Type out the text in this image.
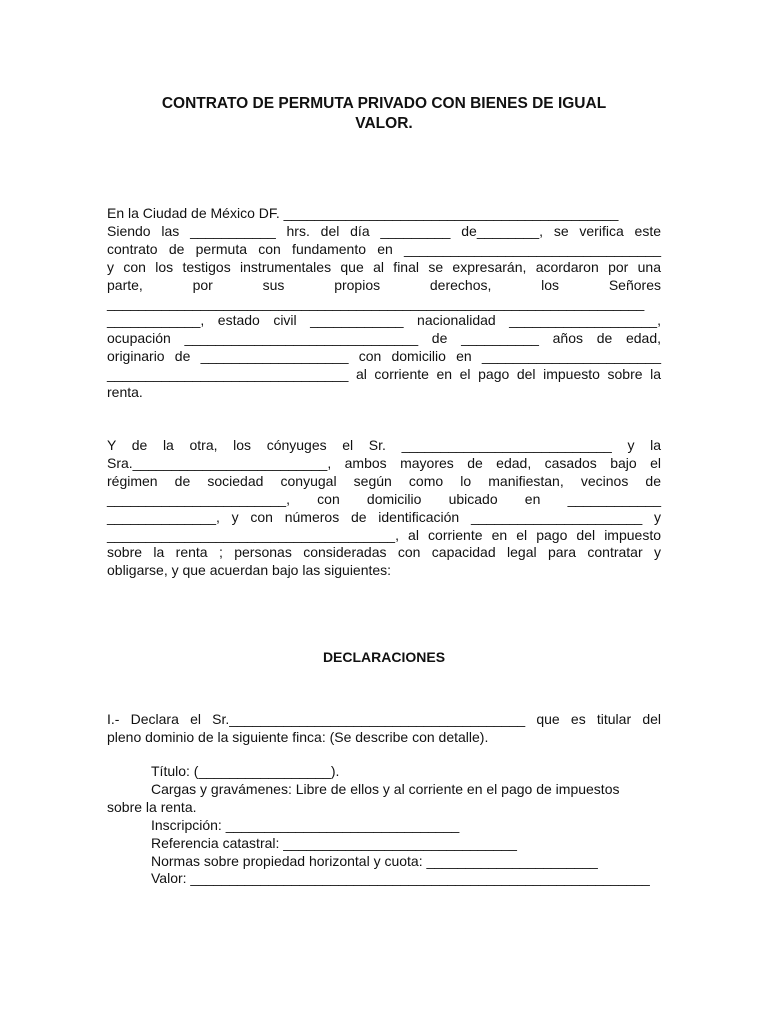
CONTRATO DE PERMUTA PRIVADO CON BIENES DE IGUAL
VALOR.
En la Ciudad de México DF. ___________________________________________
Siendo las ___________ hrs. del día _________ de________, se verifica este
contrato de permuta con fundamento en _________________________________
y con los testigos instrumentales que al final se expresarán, acordaron por una
parte,	por	sus	propios	derechos,	los	Señores
_____________________________________________________________________
____________, estado civil ____________ nacionalidad ___________________,
ocupación ______________________________ de __________ años de edad,
originario de ___________________ con domicilio en _______________________
_______________________________ al corriente en el pago del impuesto sobre la
renta.
Y de la otra, los cónyuges el Sr. ___________________________ y la
Sra._________________________, ambos mayores de edad, casados bajo el
régimen de sociedad conyugal según como lo manifiestan, vecinos de
_______________________, con domicilio ubicado en ____________
______________, y con números de identificación ______________________ y
_____________________________________, al corriente en el pago del impuesto
sobre la renta ; personas consideradas con capacidad legal para contratar y
obligarse, y que acuerdan bajo las siguientes:
DECLARACIONES
I.- Declara el Sr.______________________________________ que es titular del
pleno dominio de la siguiente finca: (Se describe con detalle).
Título: (_________________).
Cargas y gravámenes: Libre de ellos y al corriente en el pago de impuestos
sobre la renta.
Inscripción: ______________________________
Referencia catastral: ______________________________
Normas sobre propiedad horizontal y cuota: ______________________
Valor: ___________________________________________________________
